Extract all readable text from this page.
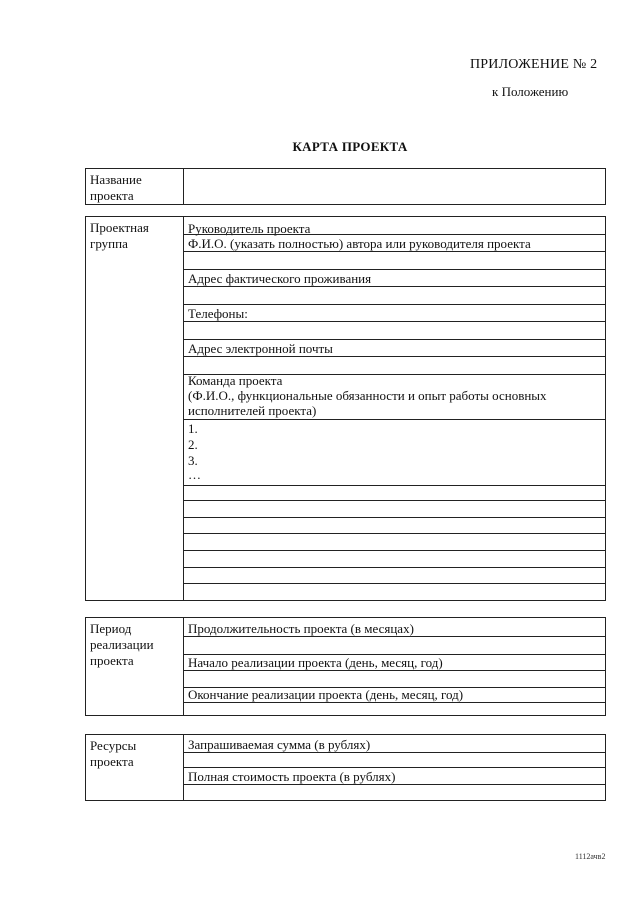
ПРИЛОЖЕНИЕ № 2
к Положению
КАРТА ПРОЕКТА
Название
проекта
Проектная
группа
Руководитель проекта
Ф.И.О. (указать полностью) автора или руководителя проекта
Адрес фактического проживания
Телефоны:
Адрес электронной почты
Команда проекта
(Ф.И.О., функциональные обязанности и опыт работы основных
исполнителей проекта)
1.
2.
3.
…
Период
реализации
проекта
Продолжительность проекта (в месяцах)
Начало реализации проекта (день, месяц, год)
Окончание реализации проекта (день, месяц, год)
Ресурсы
проекта
Запрашиваемая сумма (в рублях)
Полная стоимость проекта (в рублях)
1112ачв2
